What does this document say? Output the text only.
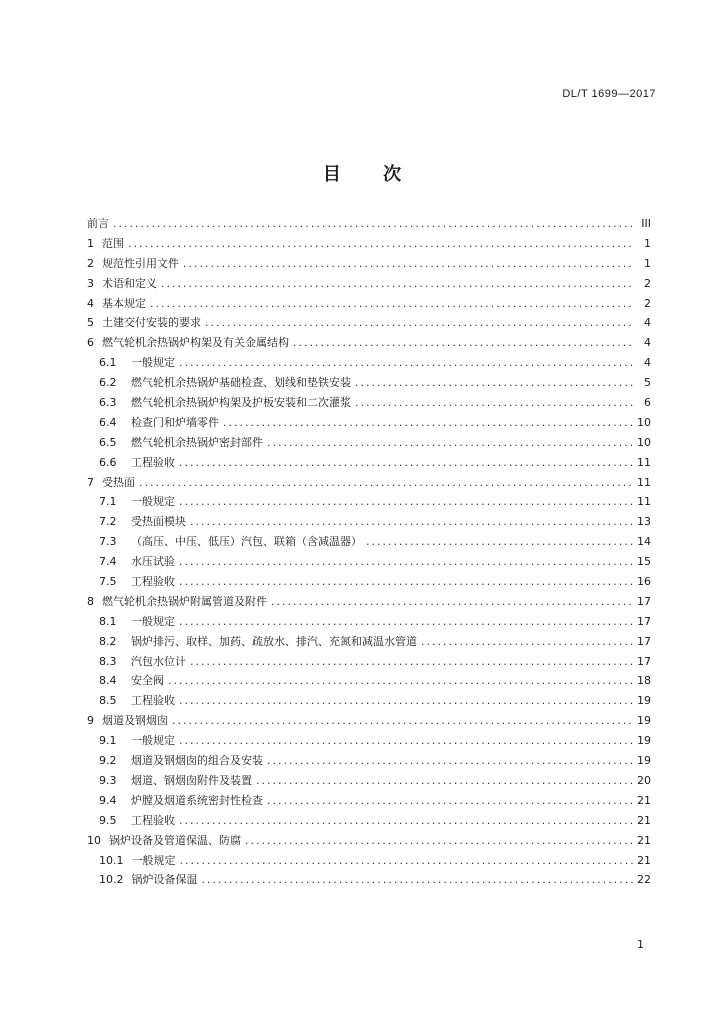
DL/T 1699—2017
目 次
前言 .....	III
1 范围 .....	1
2 规范性引用文件 .....	1
3 术语和定义 .....	2
4 基本规定 .....	2
5 土建交付安装的要求 .....	4
6 燃气轮机余热锅炉构架及有关金属结构 .....	4
6.1	一般规定 .....	4
6.2	燃气轮机余热锅炉基础检查、划线和垫铁安装 .....	5
6.3	燃气轮机余热锅炉构架及护板安装和二次灌浆 .....	6
6.4	检查门和炉墙零件 .....	10
6.5	燃气轮机余热锅炉密封部件 .....	10
6.6	工程验收 .....	11
7 受热面 .....	11
7.1	一般规定 .....	11
7.2	受热面模块 .....	13
7.3	（高压、中压、低压）汽包、联箱（含减温器） .....	14
7.4	水压试验 .....	15
7.5	工程验收 .....	16
8 燃气轮机余热锅炉附属管道及附件 .....	17
8.1	一般规定 .....	17
8.2	锅炉排污、取样、加药、疏放水、排汽、充氮和减温水管道 .....	17
8.3	汽包水位计 .....	17
8.4	安全阀 .....	18
8.5	工程验收 .....	19
9 烟道及钢烟囱 .....	19
9.1	一般规定 .....	19
9.2	烟道及钢烟囱的组合及安装 .....	19
9.3	烟道、钢烟囱附件及装置 .....	20
9.4	炉膛及烟道系统密封性检查 .....	21
9.5	工程验收 .....	21
10 锅炉设备及管道保温、防腐 .....	21
10.1 一般规定 .....	21
10.2 锅炉设备保温 .....	22
1
